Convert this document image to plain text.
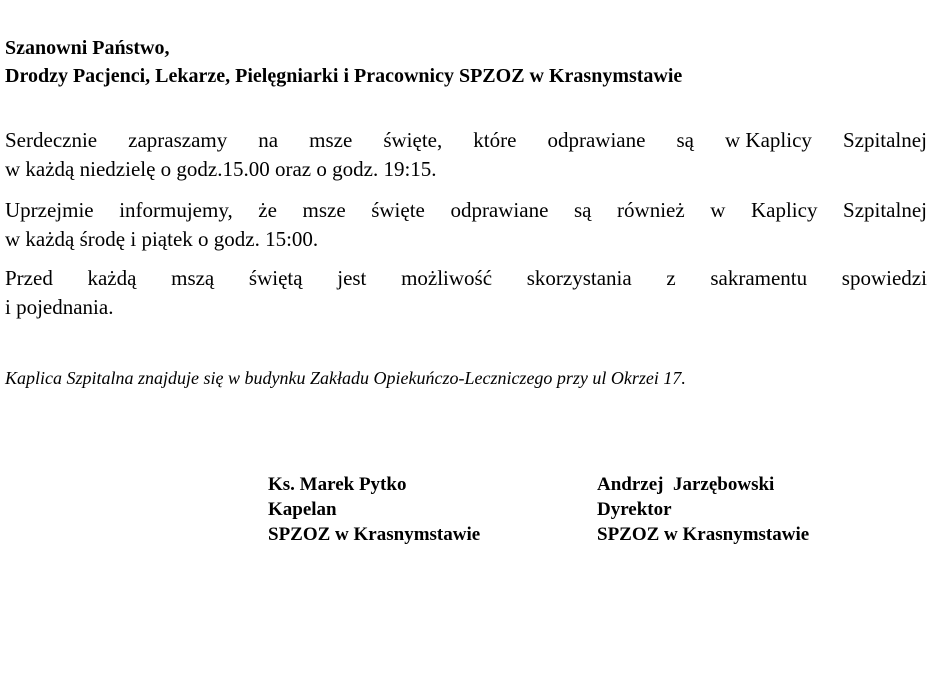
Szanowni Państwo,
Drodzy Pacjenci, Lekarze, Pielęgniarki i Pracownicy SPZOZ w Krasnymstawie
Serdecznie zapraszamy na msze święte, które odprawiane są w Kaplicy Szpitalnej
w każdą niedzielę o godz.15.00 oraz o godz. 19:15.
Uprzejmie informujemy, że msze święte odprawiane są również w Kaplicy Szpitalnej
w każdą środę i piątek o godz. 15:00.
Przed każdą mszą świętą jest możliwość skorzystania z sakramentu spowiedzi
i pojednania.
Kaplica Szpitalna znajduje się w budynku Zakładu Opiekuńczo-Leczniczego przy ul Okrzei 17.
Ks. Marek Pytko
Kapelan
SPZOZ w Krasnymstawie
Andrzej  Jarzębowski
Dyrektor
SPZOZ w Krasnymstawie
